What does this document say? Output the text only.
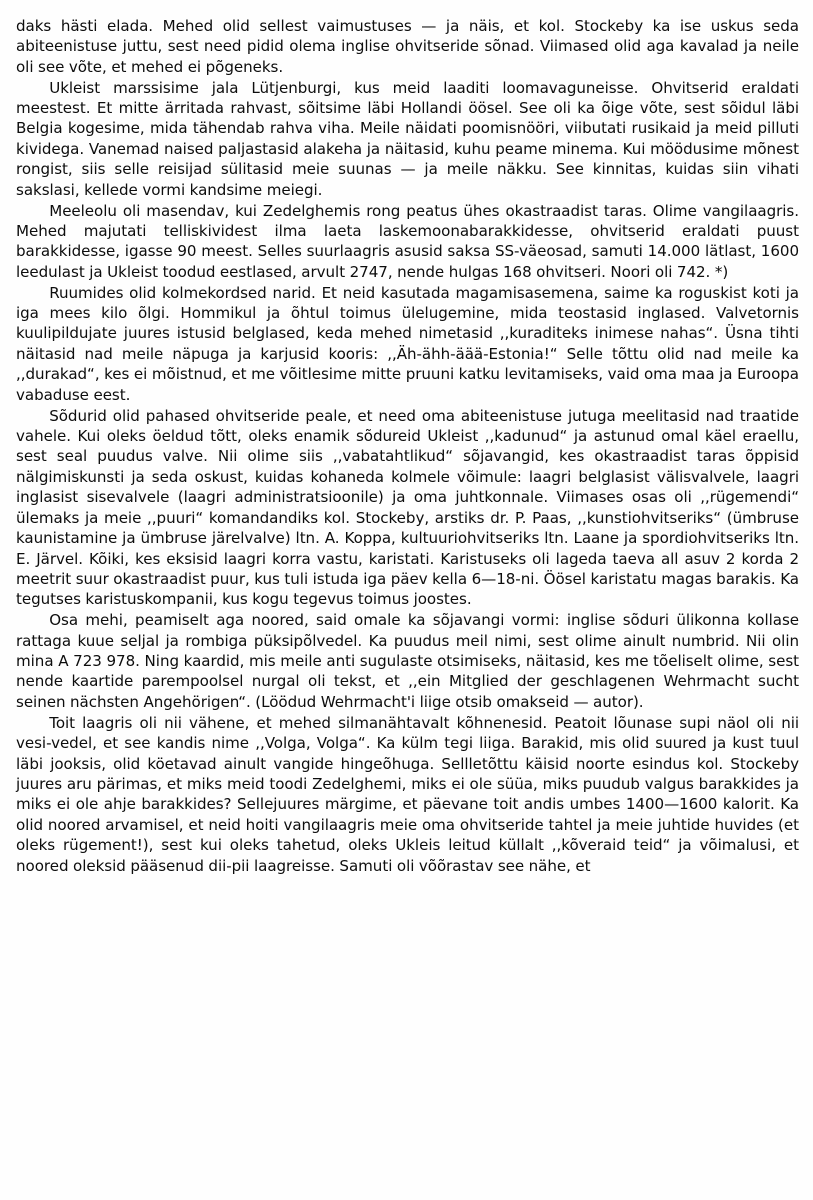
daks hästi elada. Mehed olid sellest vaimustuses — ja näis, et kol. Stockeby ka ise uskus seda abiteenistuse juttu, sest need pidid olema inglise ohvitseride sõnad. Viimased olid aga kavalad ja neile oli see võte, et mehed ei põgeneks.

Ukleist marssisime jala Lütjenburgi, kus meid laaditi loomavaguneisse. Ohvitserid eraldati meestest. Et mitte ärritada rahvast, sõitsime läbi Hollandi öösel. See oli ka õige võte, sest sõidul läbi Belgia kogesime, mida tähendab rahva viha. Meile näidati poomisnööri, viibutati rusikaid ja meid pilluti kividega. Vanemad naised paljastasid alakeha ja näitasid, kuhu peame minema. Kui möödusime mõnest rongist, siis selle reisijad sülitasid meie suunas — ja meile näkku. See kinnitas, kuidas siin vihati sakslasi, kellede vormi kandsime meiegi.

Meeleolu oli masendav, kui Zedelghemis rong peatus ühes okastraadist taras. Olime vangilaagris. Mehed majutati telliskividest ilma laeta laskemoonabarakkidesse, ohvitserid eraldati puust barakkidesse, igasse 90 meest. Selles suurlaagris asusid saksa SS-väeosad, samuti 14.000 lätlast, 1600 leedulast ja Ukleist toodud eestlased, arvult 2747, nende hulgas 168 ohvitseri. Noori oli 742. *)

Ruumides olid kolmekordsed narid. Et neid kasutada magamisasemena, saime ka roguskist koti ja iga mees kilo õlgi. Hommikul ja õhtul toimus ülelugemine, mida teostasid inglased. Valvetornis kuulipildujate juures istusid belglased, keda mehed nimetasid ,,kuraditeks inimese nahas“. Üsna tihti näitasid nad meile näpuga ja karjusid kooris: ,,Äh-ähh-äää-Estonia!“ Selle tõttu olid nad meile ka ,,durakad“, kes ei mõistnud, et me võitlesime mitte pruuni katku levitamiseks, vaid oma maa ja Euroopa vabaduse eest.

Sõdurid olid pahased ohvitseride peale, et need oma abiteenistuse jutuga meelitasid nad traatide vahele. Kui oleks öeldud tõtt, oleks enamik sõdureid Ukleist ,,kadunud“ ja astunud omal käel eraellu, sest seal puudus valve. Nii olime siis ,,vabatahtlikud“ sõjavangid, kes okastraadist taras õppisid nälgimiskunsti ja seda oskust, kuidas kohaneda kolmele võimule: laagri belglasist välisvalvele, laagri inglasist sisevalvele (laagri administratsioonile) ja oma juhtkonnale. Viimases osas oli ,,rügemendi“ ülemaks ja meie ,,puuri“ komandandiks kol. Stockeby, arstiks dr. P. Paas, ,,kunstiohvitseriks“ (ümbruse kaunistamine ja ümbruse järelvalve) ltn. A. Koppa, kultuuriohvitseriks ltn. Laane ja spordiohvitseriks ltn. E. Järvel. Kõiki, kes eksisid laagri korra vastu, karistati. Karistuseks oli lageda taeva all asuv 2 korda 2 meetrit suur okastraadist puur, kus tuli istuda iga päev kella 6—18-ni. Öösel karistatu magas barakis. Ka tegutses karistuskompanii, kus kogu tegevus toimus joostes.

Osa mehi, peamiselt aga noored, said omale ka sõjavangi vormi: inglise sõduri ülikonna kollase rattaga kuue seljal ja rombiga püksipõlvedel. Ka puudus meil nimi, sest olime ainult numbrid. Nii olin mina A 723 978. Ning kaardid, mis meile anti sugulaste otsimiseks, näitasid, kes me tõeliselt olime, sest nende kaartide parempoolsel nurgal oli tekst, et ,,ein Mitglied der geschlagenen Wehrmacht sucht seinen nächsten Angehörigen“. (Löödud Wehrmacht'i liige otsib omakseid — autor).

Toit laagris oli nii vähene, et mehed silmanähtavalt kõhnenesid. Peatoit lõunase supi näol oli nii vesi-vedel, et see kandis nime ,,Volga, Volga“. Ka külm tegi liiga. Barakid, mis olid suured ja kust tuul läbi jooksis, olid köetavad ainult vangide hingeõhuga. Sellletõttu käisid noorte esindus kol. Stockeby juures aru pärimas, et miks meid toodi Zedelghemi, miks ei ole süüa, miks puudub valgus barakkides ja miks ei ole ahje barakkides? Sellejuures märgime, et päevane toit andis umbes 1400—1600 kalorit. Ka olid noored arvamisel, et neid hoiti vangilaagris meie oma ohvitseride tahtel ja meie juhtide huvides (et oleks rügement!), sest kui oleks tahetud, oleks Ukleis leitud küllalt ,,kõveraid teid“ ja võimalusi, et noored oleksid pääsenud dii-pii laagreisse. Samuti oli võõrastav see nähe, et
